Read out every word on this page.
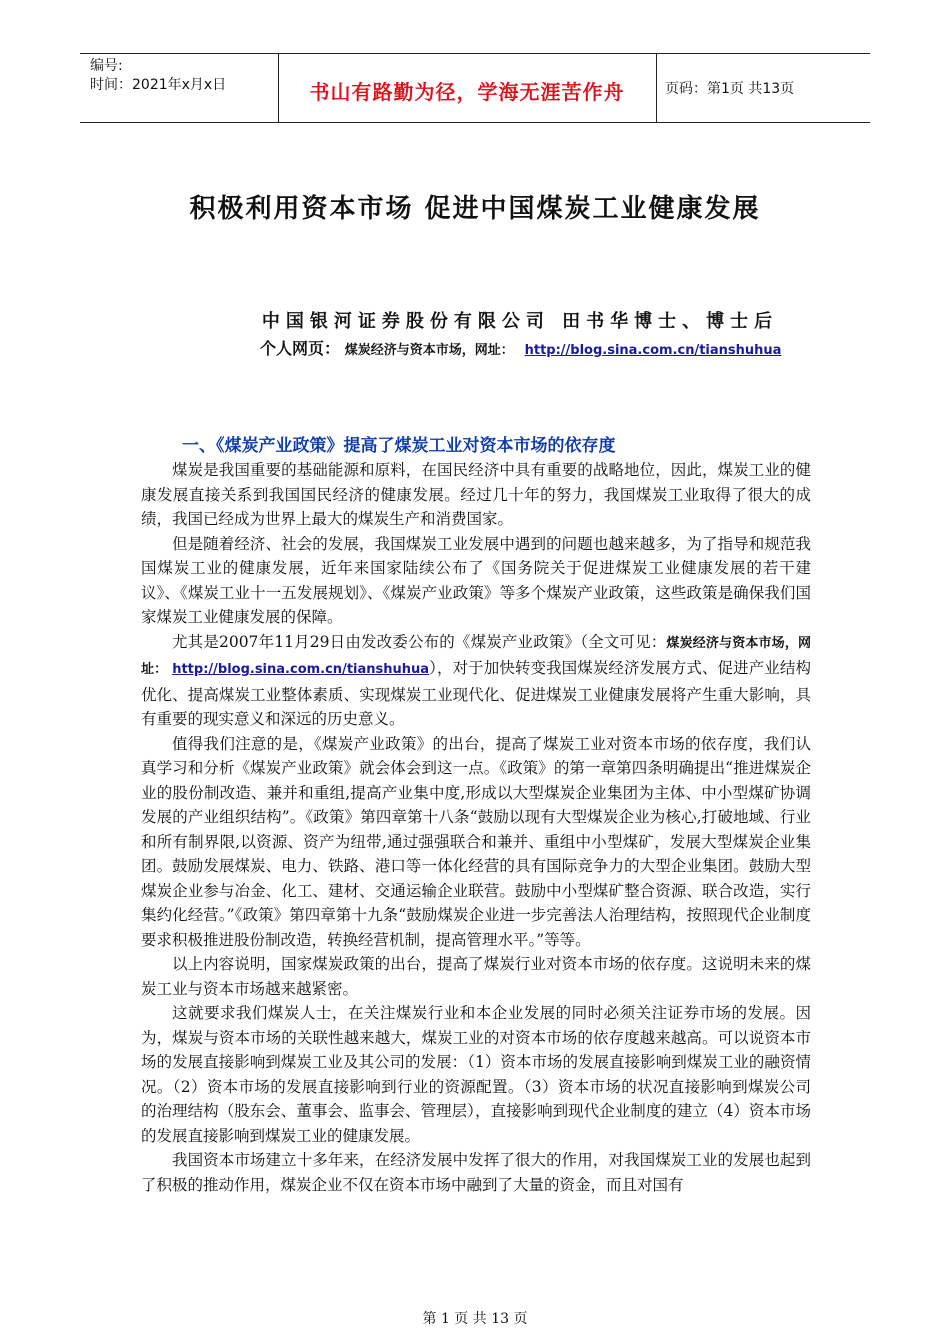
编号:
时间：2021年x月x日	书山有路勤为径，学海无涯苦作舟	页码：第1页 共13页
积极利用资本市场 促进中国煤炭工业健康发展
中国银河证券股份有限公司 田书华博士、博士后
个人网页： 煤炭经济与资本市场，网址： http://blog.sina.com.cn/tianshuhua
一、《煤炭产业政策》提高了煤炭工业对资本市场的依存度

煤炭是我国重要的基础能源和原料，在国民经济中具有重要的战略地位，因此，煤炭工业的健康发展直接关系到我国国民经济的健康发展。经过几十年的努力，我国煤炭工业取得了很大的成绩，我国已经成为世界上最大的煤炭生产和消费国家。

但是随着经济、社会的发展，我国煤炭工业发展中遇到的问题也越来越多，为了指导和规范我国煤炭工业的健康发展，近年来国家陆续公布了《国务院关于促进煤炭工业健康发展的若干建议》、《煤炭工业十一五发展规划》、《煤炭产业政策》等多个煤炭产业政策，这些政策是确保我们国家煤炭工业健康发展的保障。

尤其是2007年11月29日由发改委公布的《煤炭产业政策》（全文可见：煤炭经济与资本市场，网址： http://blog.sina.com.cn/tianshuhua），对于加快转变我国煤炭经济发展方式、促进产业结构优化、提高煤炭工业整体素质、实现煤炭工业现代化、促进煤炭工业健康发展将产生重大影响，具有重要的现实意义和深远的历史意义。

值得我们注意的是，《煤炭产业政策》的出台，提高了煤炭工业对资本市场的依存度，我们认真学习和分析《煤炭产业政策》就会体会到这一点。《政策》的第一章第四条明确提出“推进煤炭企业的股份制改造、兼并和重组,提高产业集中度,形成以大型煤炭企业集团为主体、中小型煤矿协调发展的产业组织结构”。《政策》第四章第十八条“鼓励以现有大型煤炭企业为核心,打破地域、行业和所有制界限,以资源、资产为纽带,通过强强联合和兼并、重组中小型煤矿，发展大型煤炭企业集团。鼓励发展煤炭、电力、铁路、港口等一体化经营的具有国际竞争力的大型企业集团。鼓励大型煤炭企业参与冶金、化工、建材、交通运输企业联营。鼓励中小型煤矿整合资源、联合改造，实行集约化经营。”《政策》第四章第十九条“鼓励煤炭企业进一步完善法人治理结构，按照现代企业制度要求积极推进股份制改造，转换经营机制，提高管理水平。”等等。

以上内容说明，国家煤炭政策的出台，提高了煤炭行业对资本市场的依存度。这说明未来的煤炭工业与资本市场越来越紧密。

这就要求我们煤炭人士，在关注煤炭行业和本企业发展的同时必须关注证券市场的发展。因为，煤炭与资本市场的关联性越来越大，煤炭工业的对资本市场的依存度越来越高。可以说资本市场的发展直接影响到煤炭工业及其公司的发展：（1）资本市场的发展直接影响到煤炭工业的融资情况。（2）资本市场的发展直接影响到行业的资源配置。（3）资本市场的状况直接影响到煤炭公司的治理结构（股东会、董事会、监事会、管理层），直接影响到现代企业制度的建立（4）资本市场的发展直接影响到煤炭工业的健康发展。

我国资本市场建立十多年来，在经济发展中发挥了很大的作用，对我国煤炭工业的发展也起到了积极的推动作用，煤炭企业不仅在资本市场中融到了大量的资金，而且对国有

第 1 页 共 13 页
